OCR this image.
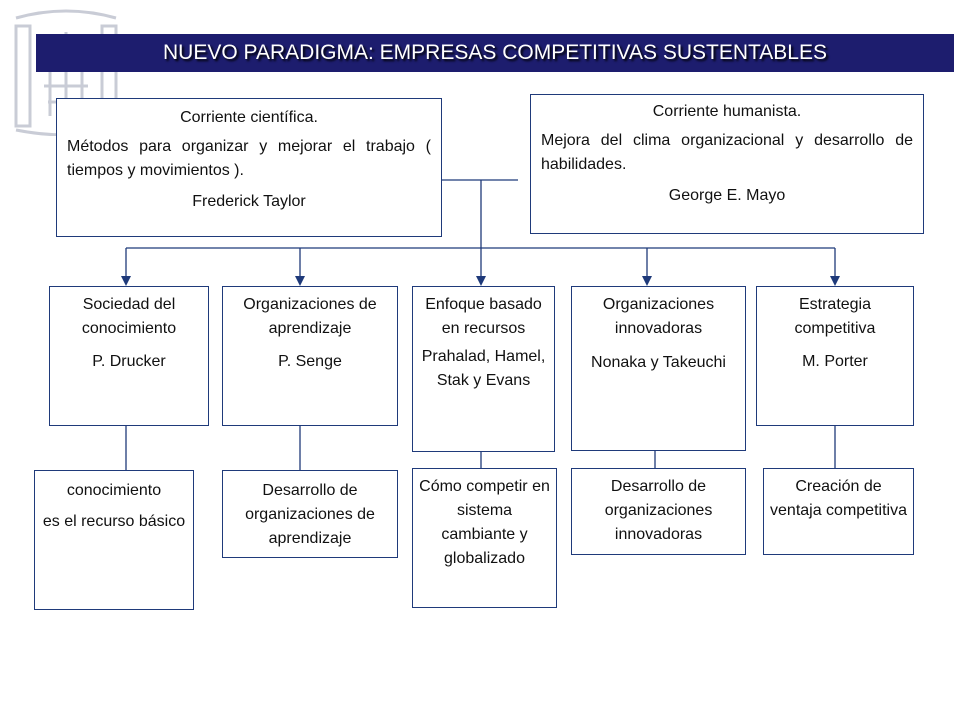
NUEVO PARADIGMA: EMPRESAS COMPETITIVAS SUSTENTABLES

Corriente científica.

Métodos para organizar y mejorar el trabajo ( tiempos y movimientos ).

Frederick Taylor

Corriente humanista.

Mejora del clima organizacional y desarrollo de habilidades.

George E. Mayo

Sociedad del conocimiento

P. Drucker

Organizaciones de aprendizaje

P. Senge

Enfoque basado en recursos

Prahalad, Hamel, Stak y Evans

Organizaciones innovadoras

Nonaka y Takeuchi

Estrategia competitiva

M. Porter

conocimiento

es el recurso básico

Desarrollo de organizaciones de aprendizaje

Cómo competir en sistema cambiante y globalizado

Desarrollo de organizaciones innovadoras

Creación de ventaja competitiva
